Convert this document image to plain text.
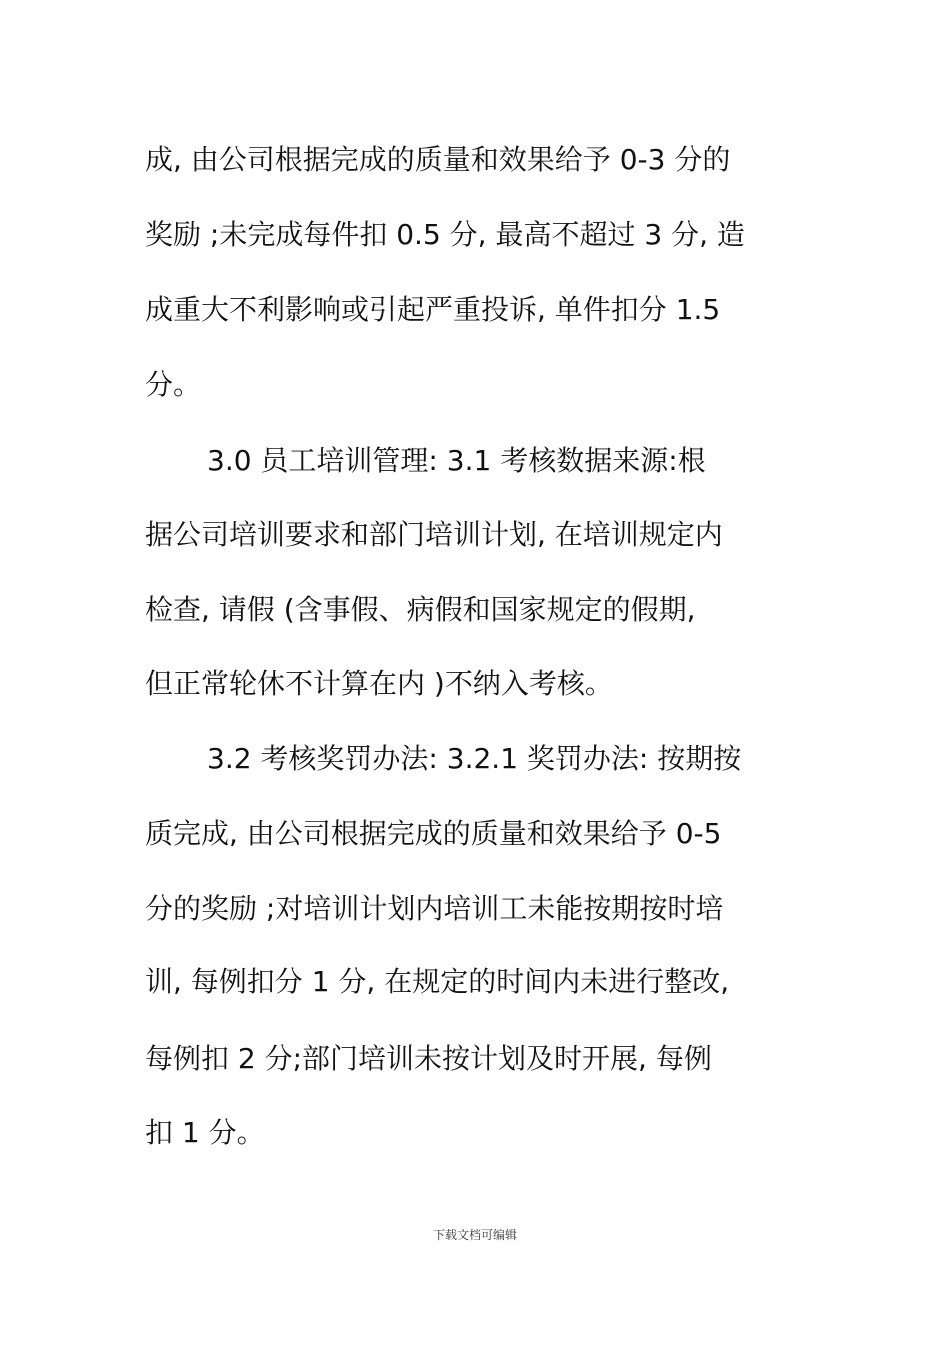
成, 由公司根据完成的质量和效果给予 0-3 分的
奖励 ;未完成每件扣 0.5 分, 最高不超过 3 分, 造
成重大不利影响或引起严重投诉, 单件扣分 1.5
分。
3.0 员工培训管理: 3.1 考核数据来源:根
据公司培训要求和部门培训计划, 在培训规定内
检查, 请假 (含事假、病假和国家规定的假期,
但正常轮休不计算在内 )不纳入考核。
3.2 考核奖罚办法: 3.2.1 奖罚办法: 按期按
质完成, 由公司根据完成的质量和效果给予 0-5
分的奖励 ;对培训计划内培训工未能按期按时培
训, 每例扣分 1 分, 在规定的时间内未进行整改,
每例扣 2 分;部门培训未按计划及时开展, 每例
扣 1 分。
下载文档可编辑
